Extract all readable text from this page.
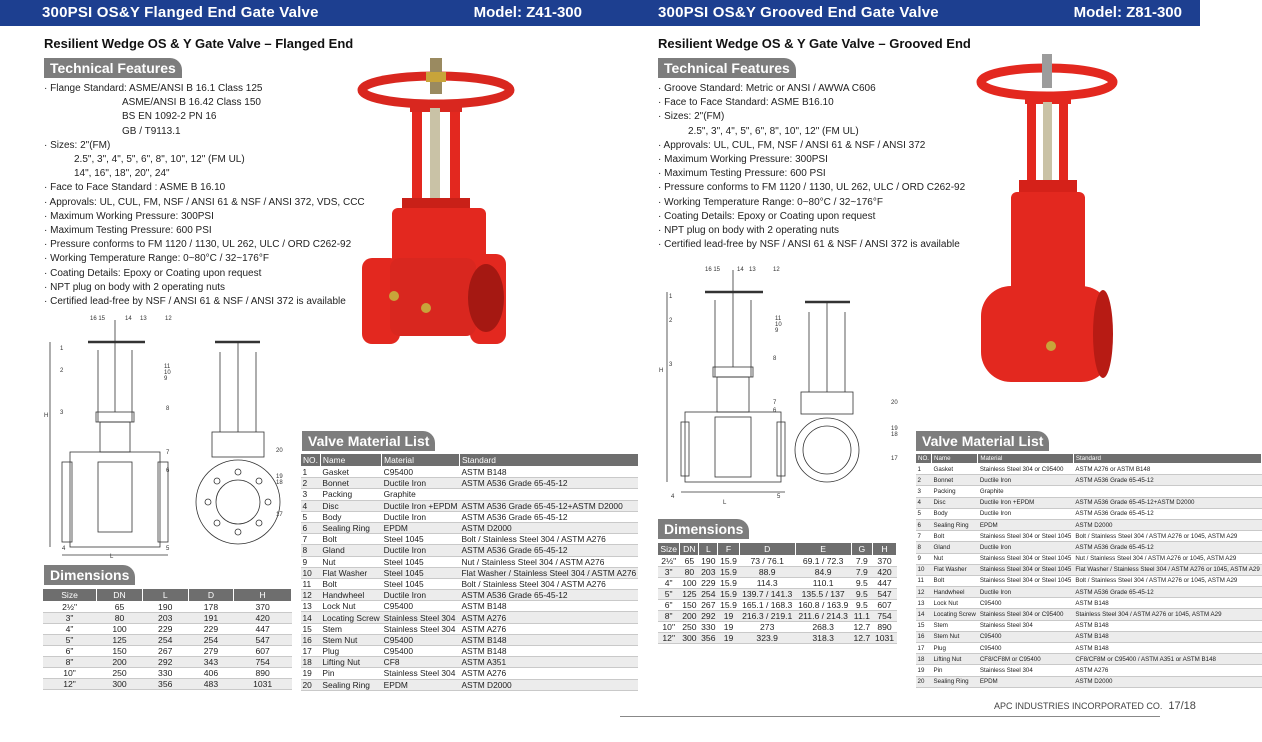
300PSI OS&Y Flanged End Gate Valve	Model: Z41-300
Resilient Wedge OS & Y Gate Valve – Flanged End
Technical Features
· Flange Standard: ASME/ANSI B 16.1 Class 125
ASME/ANSI B 16.42 Class 150
BS EN 1092-2 PN 16
GB / T9113.1
· Sizes: 2"(FM)
2.5", 3", 4", 5", 6", 8", 10", 12" (FM UL)
14", 16", 18", 20", 24"
· Face to Face Standard : ASME B 16.10
· Approvals: UL, CUL, FM, NSF / ANSI 61 & NSF / ANSI 372, VDS, CCC
· Maximum Working Pressure: 300PSI
· Maximum Testing Pressure: 600 PSI
· Pressure conforms to FM 1120 / 1130, UL 262, ULC / ORD C262-92
· Working Temperature Range: 0~80°C / 32~176°F
· Coating Details: Epoxy or Coating upon request
· NPT plug on body with 2 operating nuts
· Certified lead-free by NSF / ANSI 61 & NSF / ANSI 372 is available
16 15	14 13	12
1
2
3
11
10
9
8
7
6
5
4
H
L
20
19
18
17
Valve Material List
NO.	Name	Material	Standard
1	Gasket	C95400	ASTM B148
2	Bonnet	Ductile Iron	ASTM A536 Grade 65-45-12
3	Packing	Graphite	
4	Disc	Ductile Iron +EPDM	ASTM A536 Grade 65-45-12+ASTM D2000
5	Body	Ductile Iron	ASTM A536 Grade 65-45-12
6	Sealing Ring	EPDM	ASTM D2000
7	Bolt	Steel 1045	Bolt / Stainless Steel 304 / ASTM A276
8	Gland	Ductile Iron	ASTM A536 Grade 65-45-12
9	Nut	Steel 1045	Nut / Stainless Steel 304 / ASTM A276
10	Flat Washer	Steel 1045	Flat Washer / Stainless Steel 304 / ASTM A276
11	Bolt	Steel 1045	Bolt / Stainless Steel 304 / ASTM A276
12	Handwheel	Ductile Iron	ASTM A536 Grade 65-45-12
13	Lock Nut	C95400	ASTM B148
14	Locating Screw	Stainless Steel 304	ASTM A276
15	Stem	Stainless Steel 304	ASTM A276
16	Stem Nut	C95400	ASTM B148
17	Plug	C95400	ASTM B148
18	Lifting Nut	CF8	ASTM A351
19	Pin	Stainless Steel 304	ASTM A276
20	Sealing Ring	EPDM	ASTM D2000
Dimensions
Size	DN	L	D	H
2½"	65	190	178	370
3"	80	203	191	420
4"	100	229	229	447
5"	125	254	254	547
6"	150	267	279	607
8"	200	292	343	754
10"	250	330	406	890
12"	300	356	483	1031
300PSI OS&Y Grooved End Gate Valve	Model: Z81-300
Resilient Wedge OS & Y Gate Valve – Grooved End
Technical Features
· Groove Standard: Metric or ANSI / AWWA C606
· Face to Face Standard: ASME B16.10
· Sizes: 2"(FM)
2.5", 3", 4", 5", 6", 8", 10", 12" (FM UL)
· Approvals: UL, CUL, FM, NSF / ANSI 61 & NSF / ANSI 372
· Maximum Working Pressure: 300PSI
· Maximum Testing Pressure: 600 PSI
· Pressure conforms to FM 1120 / 1130, UL 262, ULC / ORD C262-92
· Working Temperature Range: 0~80°C / 32~176°F
· Coating Details: Epoxy or Coating upon request
· NPT plug on body with 2 operating nuts
· Certified lead-free by NSF / ANSI 61 & NSF / ANSI 372 is available
16 15	14 13	12
1
2
3
11
10
9
8
7
6
5
4
H
L
20
19
18
17
Valve Material List
NO.	Name	Material	Standard
1	Gasket	Stainless Steel 304 or C95400	ASTM A276 or ASTM B148
2	Bonnet	Ductile Iron	ASTM A536 Grade 65-45-12
3	Packing	Graphite	
4	Disc	Ductile Iron +EPDM	ASTM A536 Grade 65-45-12+ASTM D2000
5	Body	Ductile Iron	ASTM A536 Grade 65-45-12
6	Sealing Ring	EPDM	ASTM D2000
7	Bolt	Stainless Steel 304 or Steel 1045	Bolt / Stainless Steel 304 / ASTM A276 or 1045, ASTM A29
8	Gland	Ductile Iron	ASTM A536 Grade 65-45-12
9	Nut	Stainless Steel 304 or Steel 1045	Nut / Stainless Steel 304 / ASTM A276 or 1045, ASTM A29
10	Flat Washer	Stainless Steel 304 or Steel 1045	Flat Washer / Stainless Steel 304 / ASTM A276 or 1045, ASTM A29
11	Bolt	Stainless Steel 304 or Steel 1045	Bolt / Stainless Steel 304 / ASTM A276 or 1045, ASTM A29
12	Handwheel	Ductile Iron	ASTM A536 Grade 65-45-12
13	Lock Nut	C95400	ASTM B148
14	Locating Screw	Stainless Steel 304 or C95400	Stainless Steel 304 / ASTM A276 or 1045, ASTM A29
15	Stem	Stainless Steel 304	ASTM B148
16	Stem Nut	C95400	ASTM B148
17	Plug	C95400	ASTM B148
18	Lifting Nut	CF8/CF8M or C95400	CF8/CF8M or C95400 / ASTM A351 or ASTM B148
19	Pin	Stainless Steel 304	ASTM A276
20	Sealing Ring	EPDM	ASTM D2000
Dimensions
Size	DN	L	F	D	E	G	H
2½"	65	190	15.9	73 / 76.1	69.1 / 72.3	7.9	370
3"	80	203	15.9	88.9	84.9	7.9	420
4"	100	229	15.9	114.3	110.1	9.5	447
5"	125	254	15.9	139.7 / 141.3	135.5 / 137	9.5	547
6"	150	267	15.9	165.1 / 168.3	160.8 / 163.9	9.5	607
8"	200	292	19	216.3 / 219.1	211.6 / 214.3	11.1	754
10"	250	330	19	273	268.3	12.7	890
12"	300	356	19	323.9	318.3	12.7	1031
APC INDUSTRIES INCORPORATED CO. 17/18
